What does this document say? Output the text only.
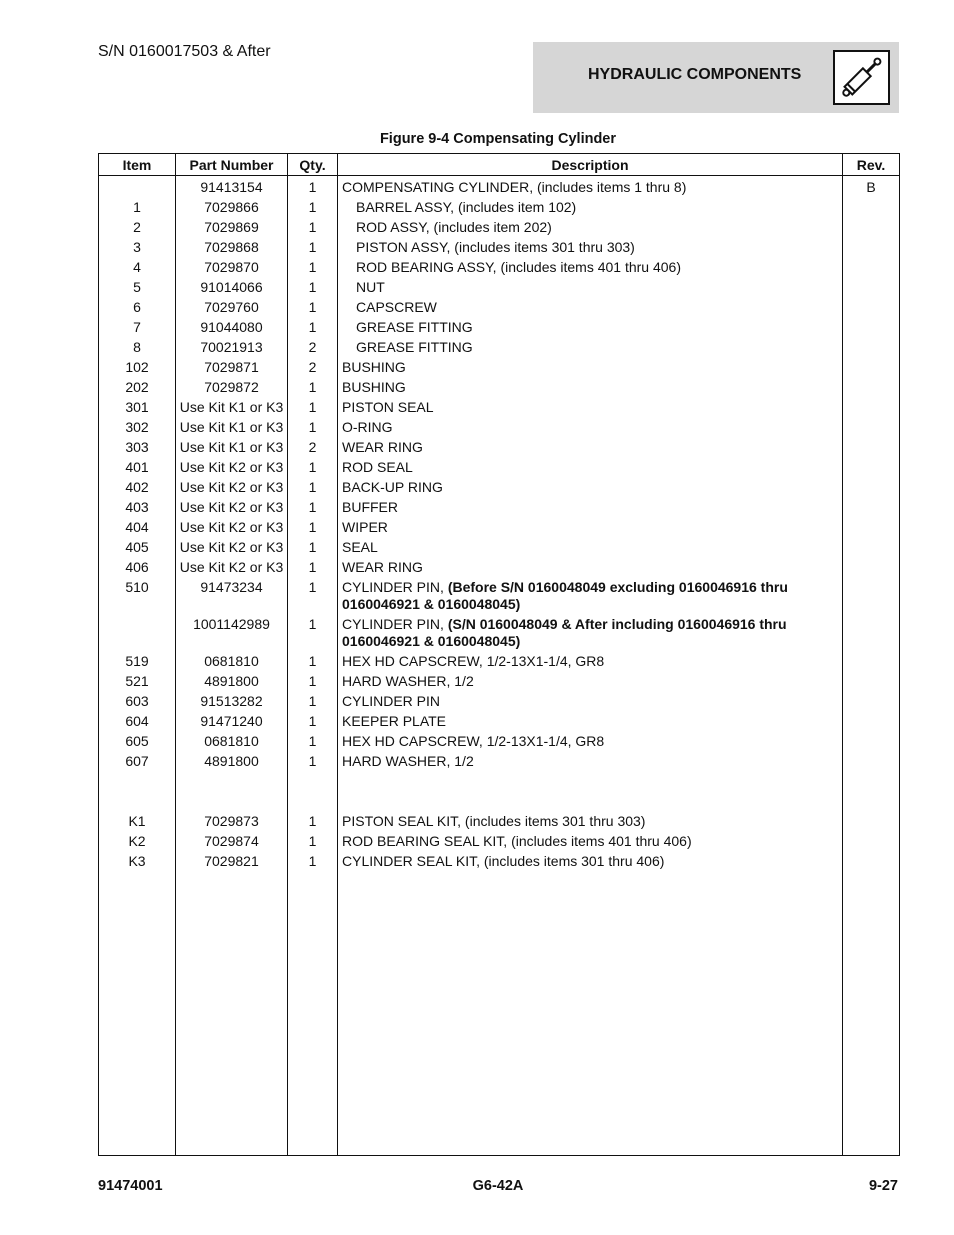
S/N 0160017503 & After
HYDRAULIC COMPONENTS
Figure 9-4 Compensating Cylinder
Item	Part Number	Qty.	Description	Rev.
	91413154	1	COMPENSATING CYLINDER, (includes items 1 thru 8)	B
1	7029866	1	BARREL ASSY, (includes item 102)	
2	7029869	1	ROD ASSY, (includes item 202)	
3	7029868	1	PISTON ASSY, (includes items 301 thru 303)	
4	7029870	1	ROD BEARING ASSY, (includes items 401 thru 406)	
5	91014066	1	NUT	
6	7029760	1	CAPSCREW	
7	91044080	1	GREASE FITTING	
8	70021913	2	GREASE FITTING	
102	7029871	2	BUSHING	
202	7029872	1	BUSHING	
301	Use Kit K1 or K3	1	PISTON SEAL	
302	Use Kit K1 or K3	1	O-RING	
303	Use Kit K1 or K3	2	WEAR RING	
401	Use Kit K2 or K3	1	ROD SEAL	
402	Use Kit K2 or K3	1	BACK-UP RING	
403	Use Kit K2 or K3	1	BUFFER	
404	Use Kit K2 or K3	1	WIPER	
405	Use Kit K2 or K3	1	SEAL	
406	Use Kit K2 or K3	1	WEAR RING	
510	91473234	1	CYLINDER PIN, (Before S/N 0160048049 excluding 0160046916 thru 0160046921 & 0160048045)	
	1001142989	1	CYLINDER PIN, (S/N 0160048049 & After including 0160046916 thru 0160046921 & 0160048045)	
519	0681810	1	HEX HD CAPSCREW, 1/2-13X1-1/4, GR8	
521	4891800	1	HARD WASHER, 1/2	
603	91513282	1	CYLINDER PIN	
604	91471240	1	KEEPER PLATE	
605	0681810	1	HEX HD CAPSCREW, 1/2-13X1-1/4, GR8	
607	4891800	1	HARD WASHER, 1/2	

K1	7029873	1	PISTON SEAL KIT, (includes items 301 thru 303)	
K2	7029874	1	ROD BEARING SEAL KIT, (includes items 401 thru 406)	
K3	7029821	1	CYLINDER SEAL KIT, (includes items 301 thru 406)	

91474001	G6-42A	9-27
